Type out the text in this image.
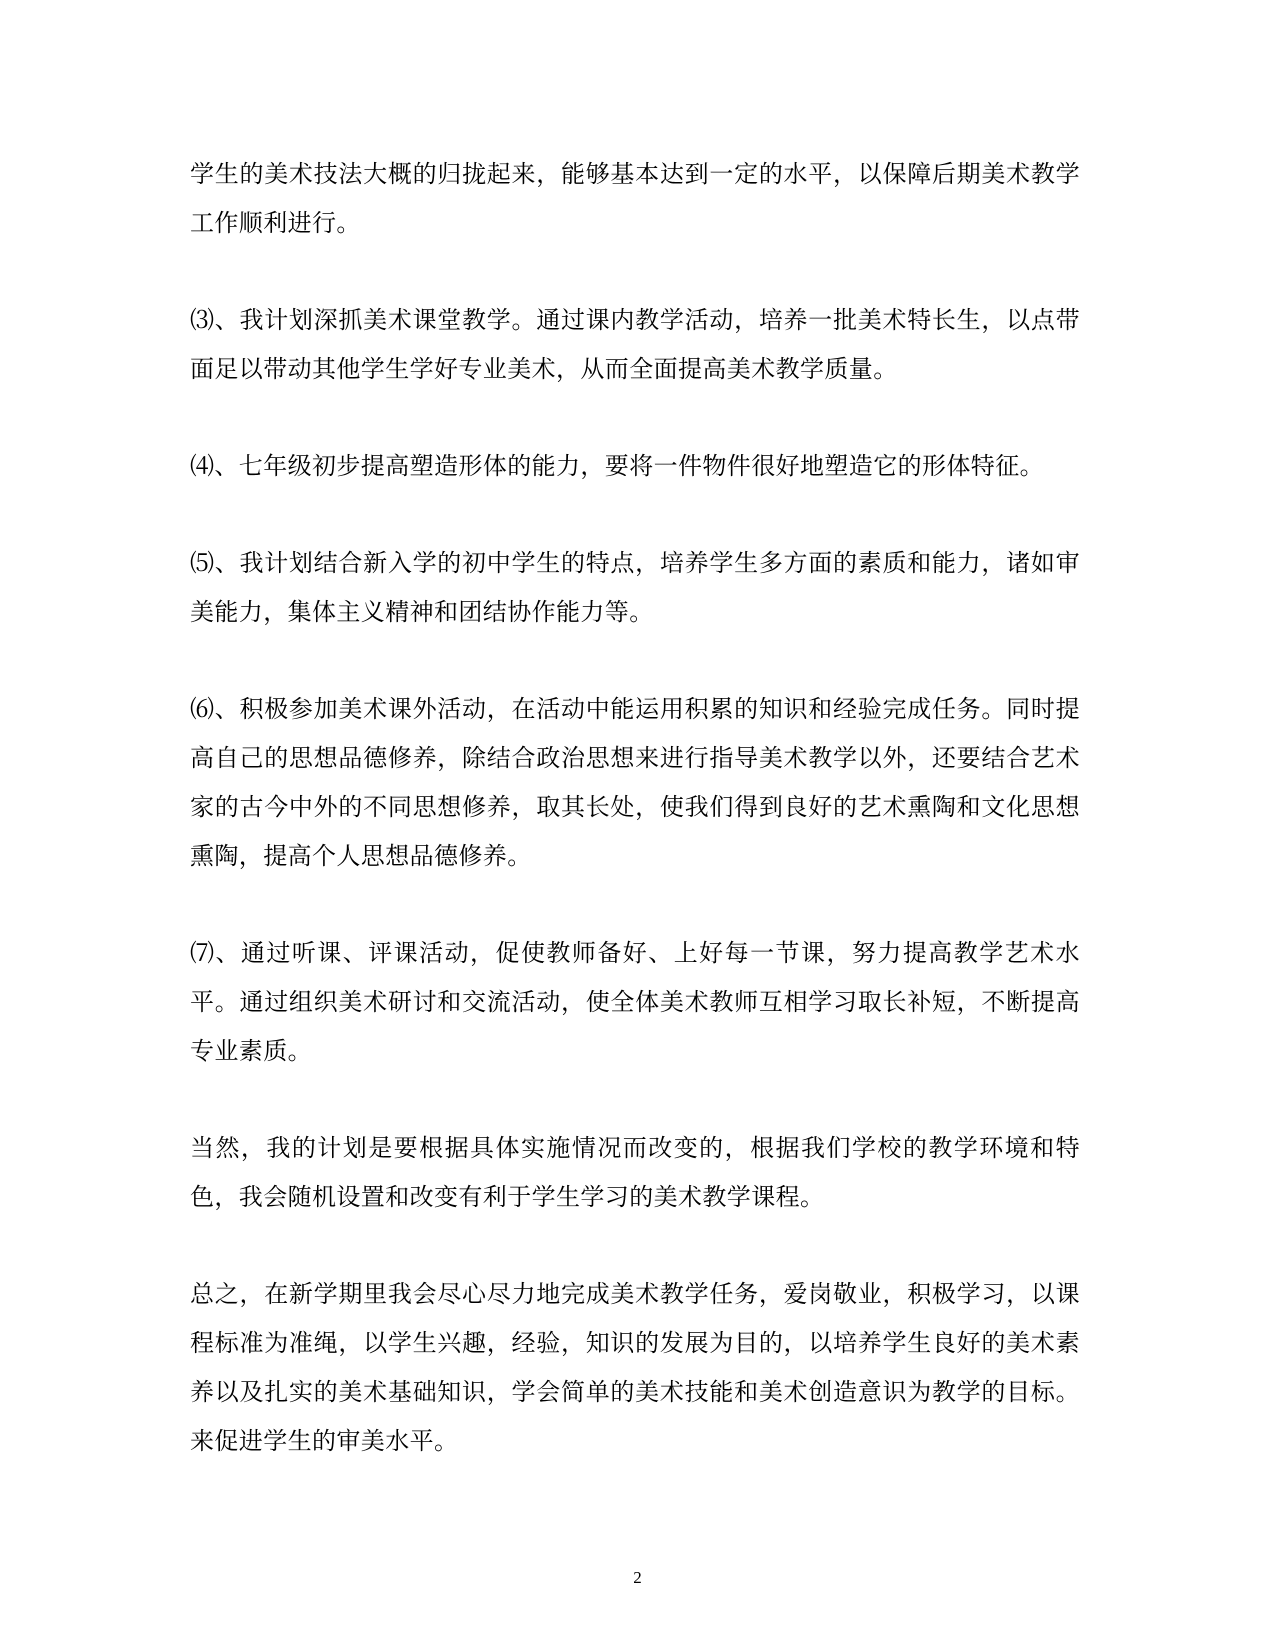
学生的美术技法大概的归拢起来，能够基本达到一定的水平，以保障后期美术教学工作顺利进行。

⑶、我计划深抓美术课堂教学。通过课内教学活动，培养一批美术特长生，以点带面足以带动其他学生学好专业美术，从而全面提高美术教学质量。

⑷、七年级初步提高塑造形体的能力，要将一件物件很好地塑造它的形体特征。

⑸、我计划结合新入学的初中学生的特点，培养学生多方面的素质和能力，诸如审美能力，集体主义精神和团结协作能力等。

⑹、积极参加美术课外活动，在活动中能运用积累的知识和经验完成任务。同时提高自己的思想品德修养，除结合政治思想来进行指导美术教学以外，还要结合艺术家的古今中外的不同思想修养，取其长处，使我们得到良好的艺术熏陶和文化思想熏陶，提高个人思想品德修养。

⑺、通过听课、评课活动，促使教师备好、上好每一节课，努力提高教学艺术水平。通过组织美术研讨和交流活动，使全体美术教师互相学习取长补短，不断提高专业素质。

当然，我的计划是要根据具体实施情况而改变的，根据我们学校的教学环境和特色，我会随机设置和改变有利于学生学习的美术教学课程。

总之，在新学期里我会尽心尽力地完成美术教学任务，爱岗敬业，积极学习，以课程标准为准绳，以学生兴趣，经验，知识的发展为目的，以培养学生良好的美术素养以及扎实的美术基础知识，学会简单的美术技能和美术创造意识为教学的目标。来促进学生的审美水平。

2
